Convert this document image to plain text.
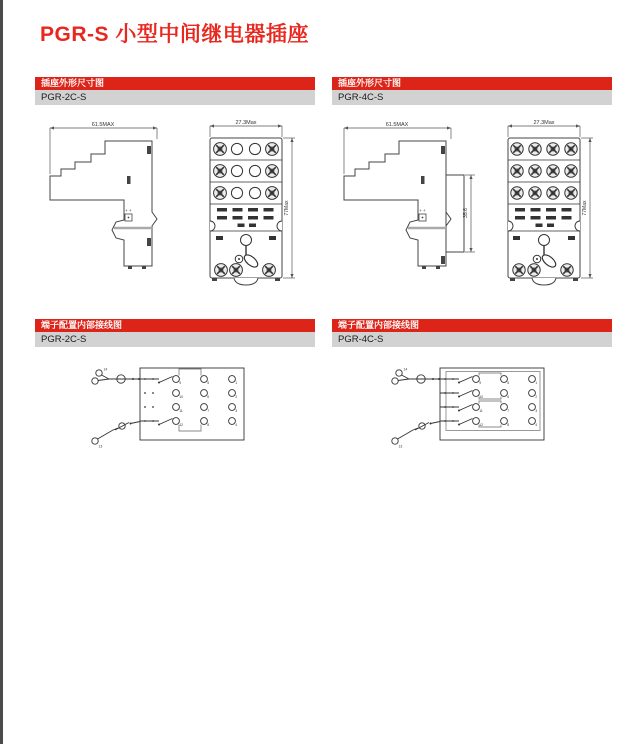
PGR-S 小型中间继电器插座
插座外形尺寸图
PGR-2C-S
插座外形尺寸图
PGR-4C-S
61.5MAX
+ +
27.3Max
77Max
61.5MAX
35.6
+ +
27.3Max
77Max
端子配置内部接线图
PGR-2C-S
端子配置内部接线图
PGR-4C-S
14
13
9	5	1
10	6	2
11	7	3
12	8	4
14
13
9	5	1
10	6	2
11	7	3
12	8	4
